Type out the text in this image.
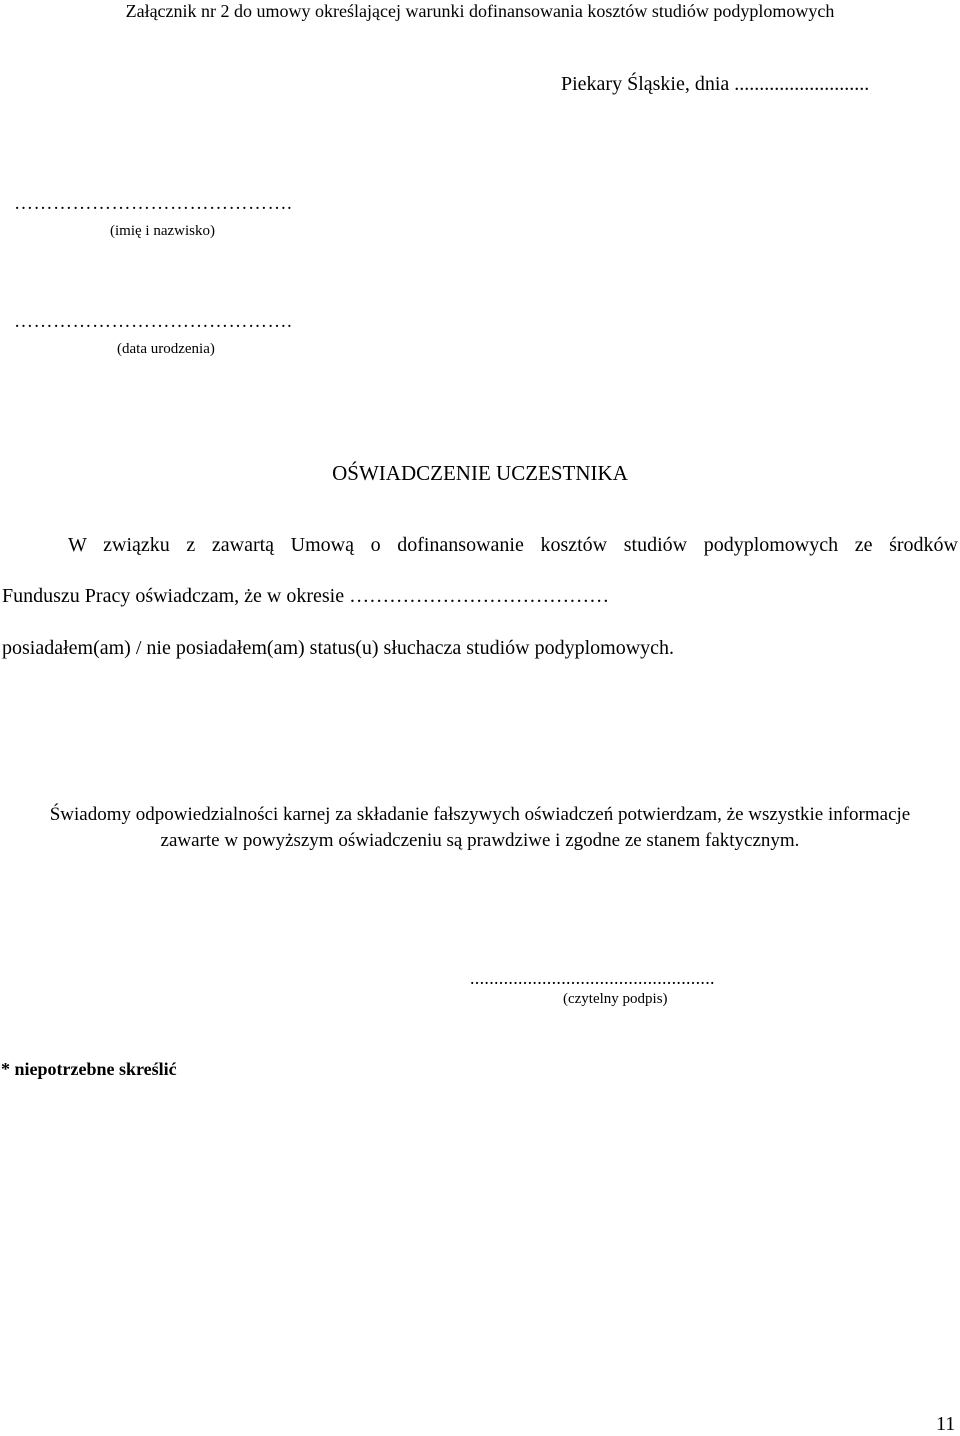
Załącznik nr 2 do umowy określającej warunki dofinansowania kosztów studiów podyplomowych
Piekary Śląskie, dnia ...........................
…………………………………….
(imię i nazwisko)
…………………………………….
(data urodzenia)
OŚWIADCZENIE UCZESTNIKA
W związku z zawartą Umową o dofinansowanie kosztów studiów podyplomowych ze środków
Funduszu Pracy oświadczam, że w okresie …………………………………
posiadałem(am) / nie posiadałem(am) status(u) słuchacza studiów podyplomowych.
Świadomy odpowiedzialności karnej za składanie fałszywych oświadczeń potwierdzam, że wszystkie informacje
zawarte w powyższym oświadczeniu są prawdziwe i zgodne ze stanem faktycznym.
...................................................
(czytelny podpis)
* niepotrzebne skreślić
11
